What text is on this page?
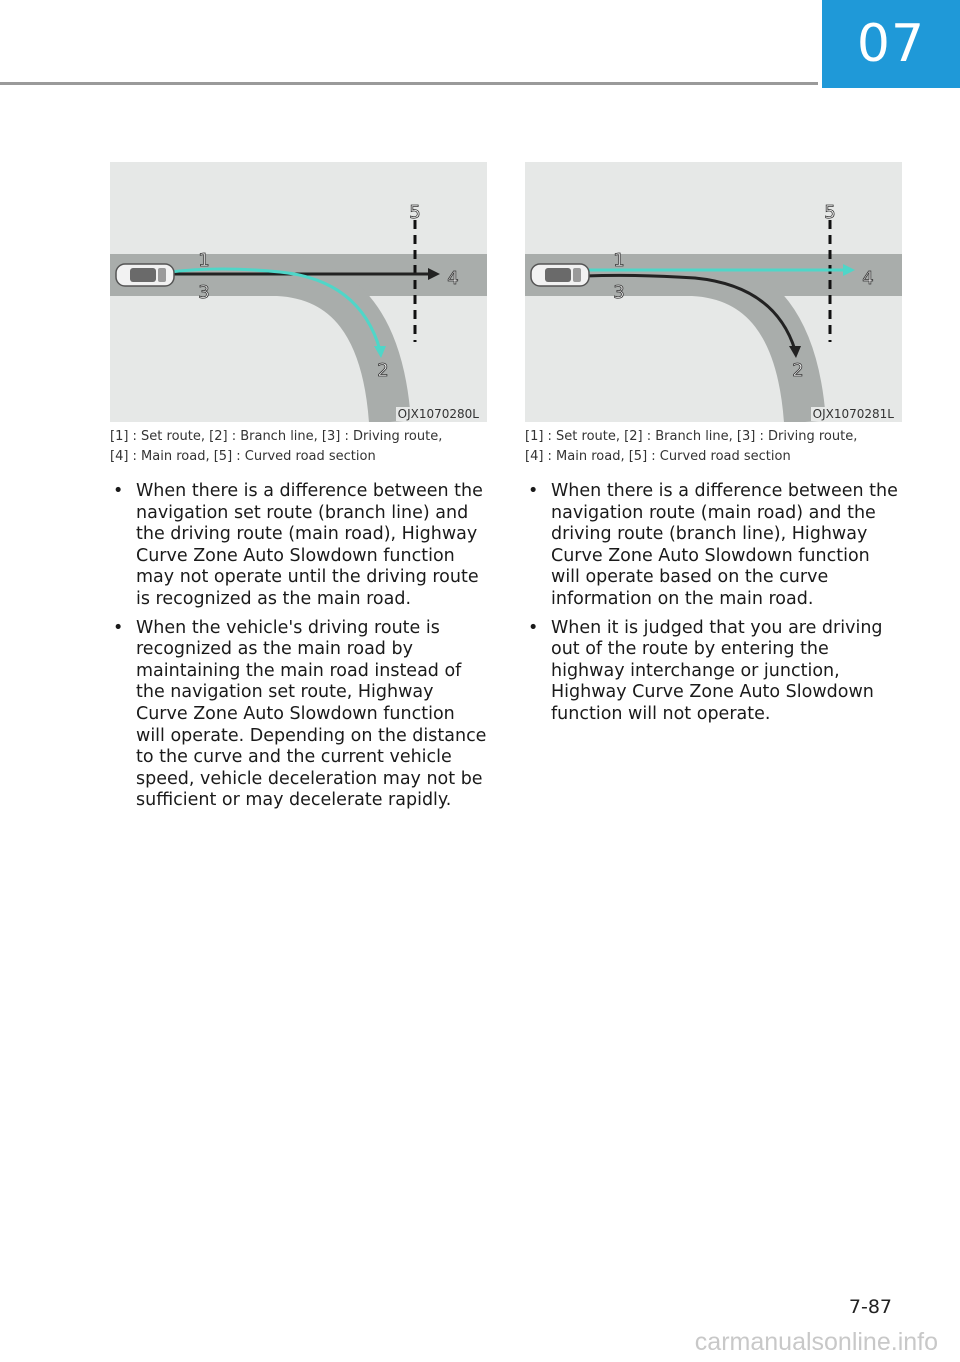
07
1
3
4
5
2
OJX1070280L
[1] : Set route, [2] : Branch line, [3] : Driving route,
[4] : Main road, [5] : Curved road section
• When there is a difference between the navigation set route (branch line) and the driving route (main road), Highway Curve Zone Auto Slowdown function may not operate until the driving route is recognized as the main road.
• When the vehicle's driving route is recognized as the main road by maintaining the main road instead of the navigation set route, Highway Curve Zone Auto Slowdown function will operate. Depending on the distance to the curve and the current vehicle speed, vehicle deceleration may not be sufficient or may decelerate rapidly.
1
3
4
5
2
OJX1070281L
[1] : Set route, [2] : Branch line, [3] : Driving route,
[4] : Main road, [5] : Curved road section
• When there is a difference between the navigation route (main road) and the driving route (branch line), Highway Curve Zone Auto Slowdown function will operate based on the curve information on the main road.
• When it is judged that you are driving out of the route by entering the highway interchange or junction, Highway Curve Zone Auto Slowdown function will not operate.
7-87
carmanualsonline.info
